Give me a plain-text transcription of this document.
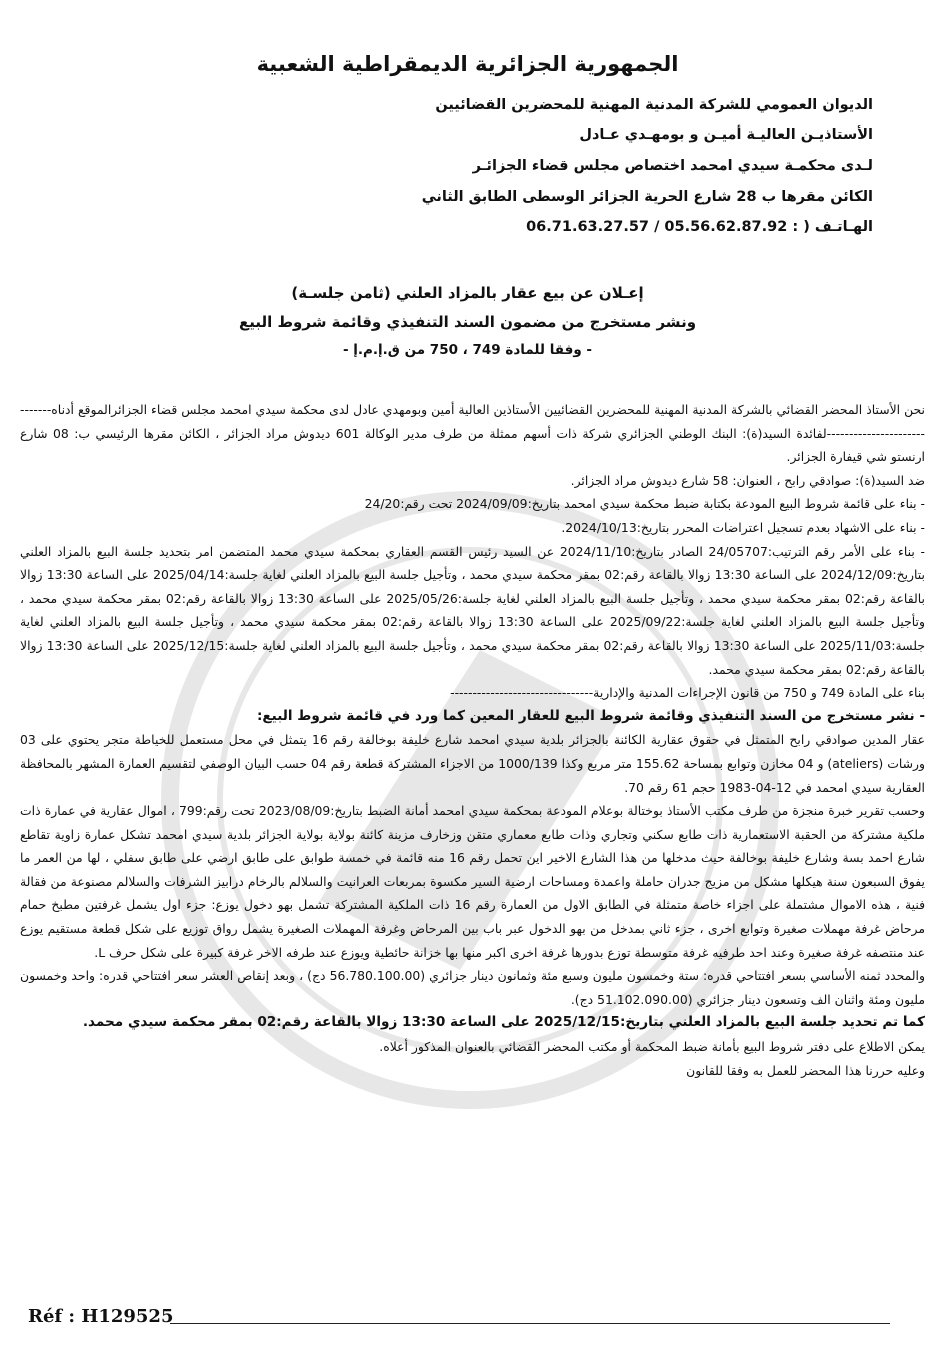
الجمهورية الجزائرية الديمقراطية الشعبية
الديوان العمومي للشركة المدنية المهنية للمحضرين القضائيين
الأستاذيـن العاليـة أميـن و بومهـدي عـادل
لـدى محكمـة سيدي امحمد اختصاص مجلس قضاء الجزائـر
الكائن مقرها ب 28 شارع الحرية الجزائر الوسطى الطابق الثاني
الهـاتـف ( : 06.71.63.27.57 / 05.56.62.87.92
إعـلان عن بيع عقار بالمزاد العلني (ثامن جلسـة)
ونشر مستخرج من مضمون السند التنفيذي وقائمة شروط البيع
- وفقا للمادة 749 ، 750 من ق.إ.م.إ -

نحن الأستاذ المحضر القضائي بالشركة المدنية المهنية للمحضرين القضائيين الأستاذين العالية أمين وبومهدي عادل لدى محكمة سيدي امحمد مجلس قضاء الجزائرالموقع أدناه-----------------------------لفائدة السيد(ة): البنك الوطني الجزائري شركة ذات أسهم ممثلة من طرف مدير الوكالة 601 ديدوش مراد الجزائر ، الكائن مقرها الرئيسي ب: 08 شارع ارنستو شي قيفارة الجزائر.

ضد السيد(ة): صوادقي رابح ، العنوان: 58 شارع ديدوش مراد الجزائر.

- بناء على قائمة شروط البيع المودعة بكتابة ضبط محكمة سيدي امحمد بتاريخ:2024/09/09 تحت رقم:24/20

- بناء على الاشهاد بعدم تسجيل اعتراضات المحرر بتاريخ:2024/10/13.

- بناء على الأمر رقم الترتيب:24/05707 الصادر بتاريخ:2024/11/10 عن السيد رئيس القسم العقاري بمحكمة سيدي محمد المتضمن امر بتحديد جلسة البيع بالمزاد العلني بتاريخ:2024/12/09 على الساعة 13:30 زوالا بالقاعة رقم:02 بمقر محكمة سيدي محمد ، وتأجيل جلسة البيع بالمزاد العلني لغاية جلسة:2025/04/14 على الساعة 13:30 زوالا بالقاعة رقم:02 بمقر محكمة سيدي محمد ، وتأجيل جلسة البيع بالمزاد العلني لغاية جلسة:2025/05/26 على الساعة 13:30 زوالا بالقاعة رقم:02 بمقر محكمة سيدي محمد ، وتأجيل جلسة البيع بالمزاد العلني لغاية جلسة:2025/09/22 على الساعة 13:30 زوالا بالقاعة رقم:02 بمقر محكمة سيدي محمد ، وتأجيل جلسة البيع بالمزاد العلني لغاية جلسة:2025/11/03 على الساعة 13:30 زوالا بالقاعة رقم:02 بمقر محكمة سيدي محمد ، وتأجيل جلسة البيع بالمزاد العلني لغاية جلسة:2025/12/15 على الساعة 13:30 زوالا بالقاعة رقم:02 بمقر محكمة سيدي محمد.

بناء على المادة 749 و 750 من قانون الإجراءات المدنية والإدارية--------------------------------

- نشر مستخرج من السند التنفيذي وقائمة شروط البيع للعقار المعين كما ورد في قائمة شروط البيع:

عقار المدين صوادقي رابح المتمثل في حقوق عقارية الكائنة بالجزائر بلدية سيدي امحمد شارع خليفة بوخالفة رقم 16 يتمثل في محل مستعمل للخياطة متجر يحتوي على 03 ورشات (ateliers) و 04 مخازن وتوابع بمساحة 155.62 متر مربع وكذا 1000/139 من الاجزاء المشتركة قطعة رقم 04 حسب البيان الوصفي لتقسيم العمارة المشهر بالمحافظة العقارية سيدي امحمد في 12-04-1983 حجم 61 رقم 70.

وحسب تقرير خبرة منجزة من طرف مكتب الأستاذ بوختالة بوعلام المودعة بمحكمة سيدي امحمد أمانة الضبط بتاريخ:2023/08/09 تحت رقم:799 ، اموال عقارية في عمارة ذات ملكية مشتركة من الحقبة الاستعمارية ذات طابع سكني وتجاري وذات طابع معماري متقن وزخارف مزينة كائنة بولاية بولاية الجزائر بلدية سيدي امحمد تشكل عمارة زاوية تقاطع شارع احمد بسة وشارع خليفة بوخالفة حيث مدخلها من هذا الشارع الاخير اين تحمل رقم 16 منه قائمة في خمسة طوابق على طابق ارضي على طابق سفلي ، لها من العمر ما يفوق السبعون سنة هيكلها مشكل من مزيج جدران حاملة واعمدة ومساحات ارضية السير مكسوة بمربعات العرانيت والسلالم بالرخام درابيز الشرفات والسلالم مصنوعة من فقالة فنية ، هذه الاموال مشتملة على اجزاء خاصة متمثلة في الطابق الاول من العمارة رقم 16 ذات الملكية المشتركة تشمل بهو دخول يوزع: جزء اول يشمل غرفتين مطبخ حمام مرحاض غرفة مهملات صغيرة وتوابع اخرى ، جزء ثاني بمدخل من بهو الدخول عبر باب بين المرحاض وغرفة المهملات الصغيرة يشمل رواق توزيع على شكل قطعة مستقيم يوزع عند منتصفه غرفة صغيرة وعند احد طرفيه غرفة متوسطة توزع بدورها غرفة اخرى اكبر منها بها خزانة حائطية ويوزع عند طرفه الاخر غرفة كبيرة على شكل حرف L.

والمحدد ثمنه الأساسي بسعر افتتاحي قدره: ستة وخمسون مليون وسبع مئة وثمانون دينار جزائري (56.780.100.00 دج) ، وبعد إنقاص العشر سعر افتتاحي قدره: واحد وخمسون مليون ومئة واثنان الف وتسعون دينار جزائري (51.102.090.00 دج).

كما تم تحديد جلسة البيع بالمزاد العلني بتاريخ:2025/12/15 على الساعة 13:30 زوالا بالقاعة رقم:02 بمقر محكمة سيدي محمد.

يمكن الاطلاع على دفتر شروط البيع بأمانة ضبط المحكمة أو مكتب المحضر القضائي بالعنوان المذكور أعلاه.

وعليه حررنا هذا المحضر للعمل به وفقا للقانون

Réf : H129525
